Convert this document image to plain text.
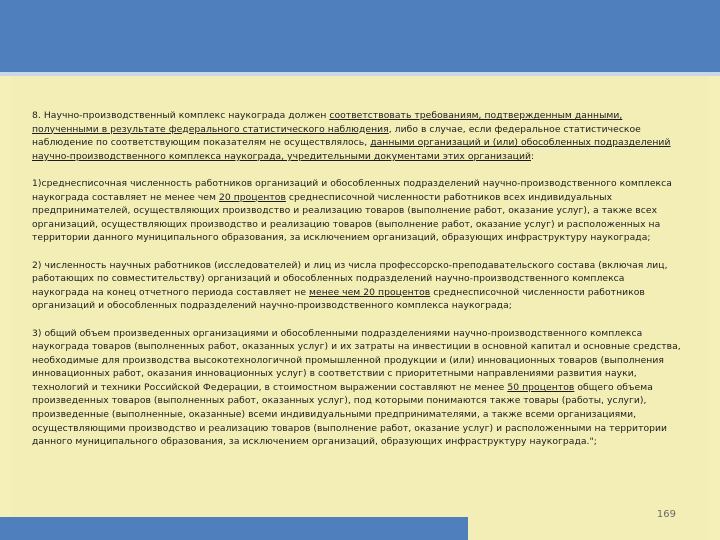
8. Научно-производственный комплекс наукограда должен соответствовать требованиям, подтвержденным данными, полученными в результате федерального статистического наблюдения, либо в случае, если федеральное статистическое наблюдение по соответствующим показателям не осуществлялось, данными организаций и (или) обособленных подразделений научно-производственного комплекса наукограда, учредительными документами этих организаций:

1)среднесписочная численность работников организаций и обособленных подразделений научно-производственного комплекса наукограда составляет не менее чем 20 процентов среднесписочной численности работников всех индивидуальных предпринимателей, осуществляющих производство и реализацию товаров (выполнение работ, оказание услуг), а также всех организаций, осуществляющих производство и реализацию товаров (выполнение работ, оказание услуг) и расположенных на территории данного муниципального образования, за исключением организаций, образующих инфраструктуру наукограда;

2) численность научных работников (исследователей) и лиц из числа профессорско-преподавательского состава (включая лиц, работающих по совместительству) организаций и обособленных подразделений научно-производственного комплекса наукограда на конец отчетного периода составляет не менее чем 20 процентов среднесписочной численности работников организаций и обособленных подразделений научно-производственного комплекса наукограда;

3) общий объем произведенных организациями и обособленными подразделениями научно-производственного комплекса наукограда товаров (выполненных работ, оказанных услуг) и их затраты на инвестиции в основной капитал и основные средства, необходимые для производства высокотехнологичной промышленной продукции и (или) инновационных товаров (выполнения инновационных работ, оказания инновационных услуг) в соответствии с приоритетными направлениями развития науки, технологий и техники Российской Федерации, в стоимостном выражении составляют не менее 50 процентов общего объема произведенных товаров (выполненных работ, оказанных услуг), под которыми понимаются также товары (работы, услуги), произведенные (выполненные, оказанные) всеми индивидуальными предпринимателями, а также всеми организациями, осуществляющими производство и реализацию товаров (выполнение работ, оказание услуг) и расположенными на территории данного муниципального образования, за исключением организаций, образующих инфраструктуру наукограда.";

169
